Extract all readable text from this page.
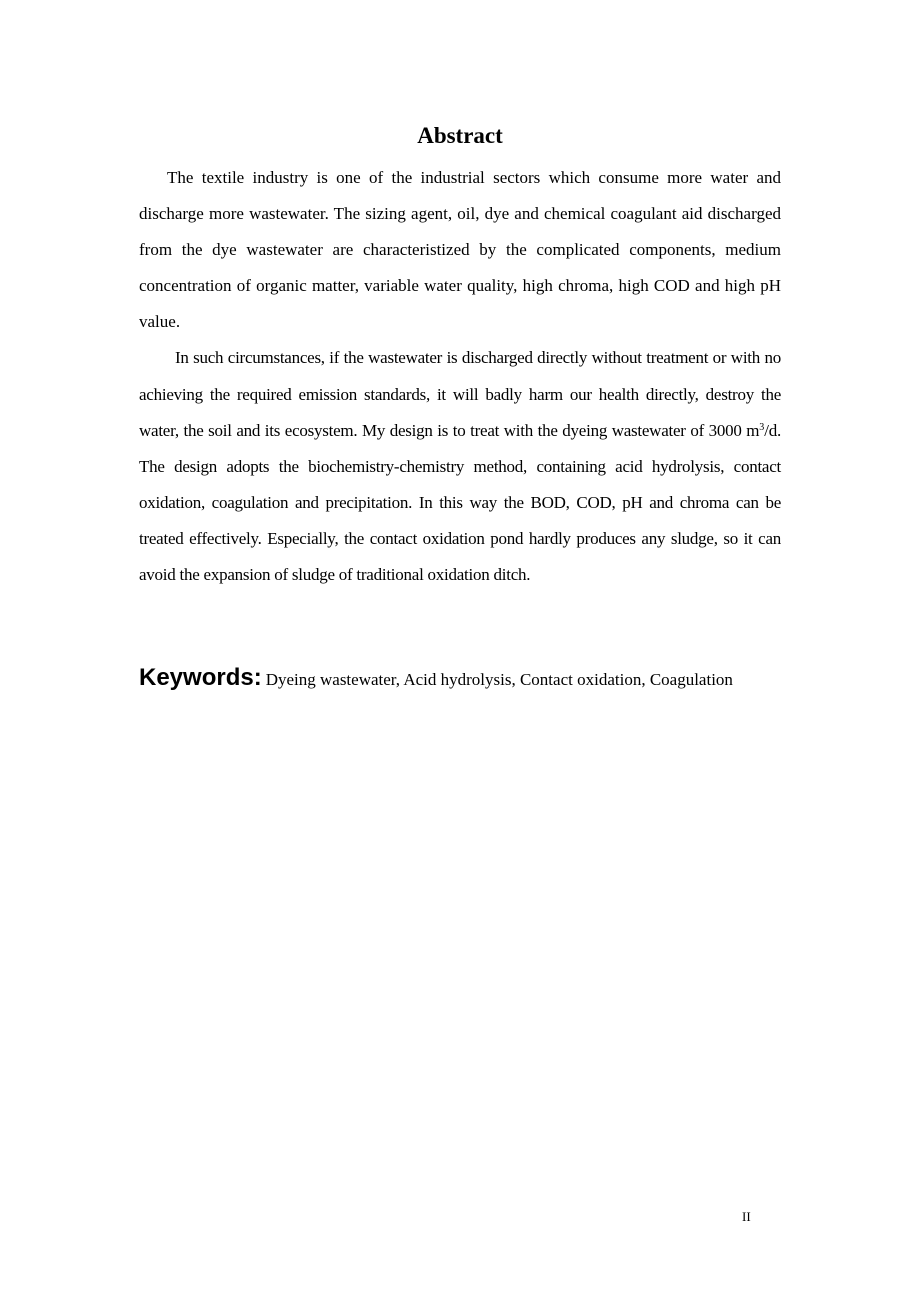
Abstract

The textile industry is one of the industrial sectors which consume more water and discharge more wastewater. The sizing agent, oil, dye and chemical coagulant aid discharged from the dye wastewater are characteristized by the complicated components, medium concentration of organic matter, variable water quality, high chroma, high COD and high pH value.

In such circumstances, if the wastewater is discharged directly without treatment or with no achieving the required emission standards, it will badly harm our health directly, destroy the water, the soil and its ecosystem. My design is to treat with the dyeing wastewater of 3000 $m^3/d$. The design adopts the biochemistry-chemistry method, containing acid hydrolysis, contact oxidation, coagulation and precipitation. In this way the BOD, COD, pH and chroma can be treated effectively. Especially, the contact oxidation pond hardly produces any sludge, so it can avoid the expansion of sludge of traditional oxidation ditch.

Keywords: Dyeing wastewater, Acid hydrolysis, Contact oxidation, Coagulation

II
